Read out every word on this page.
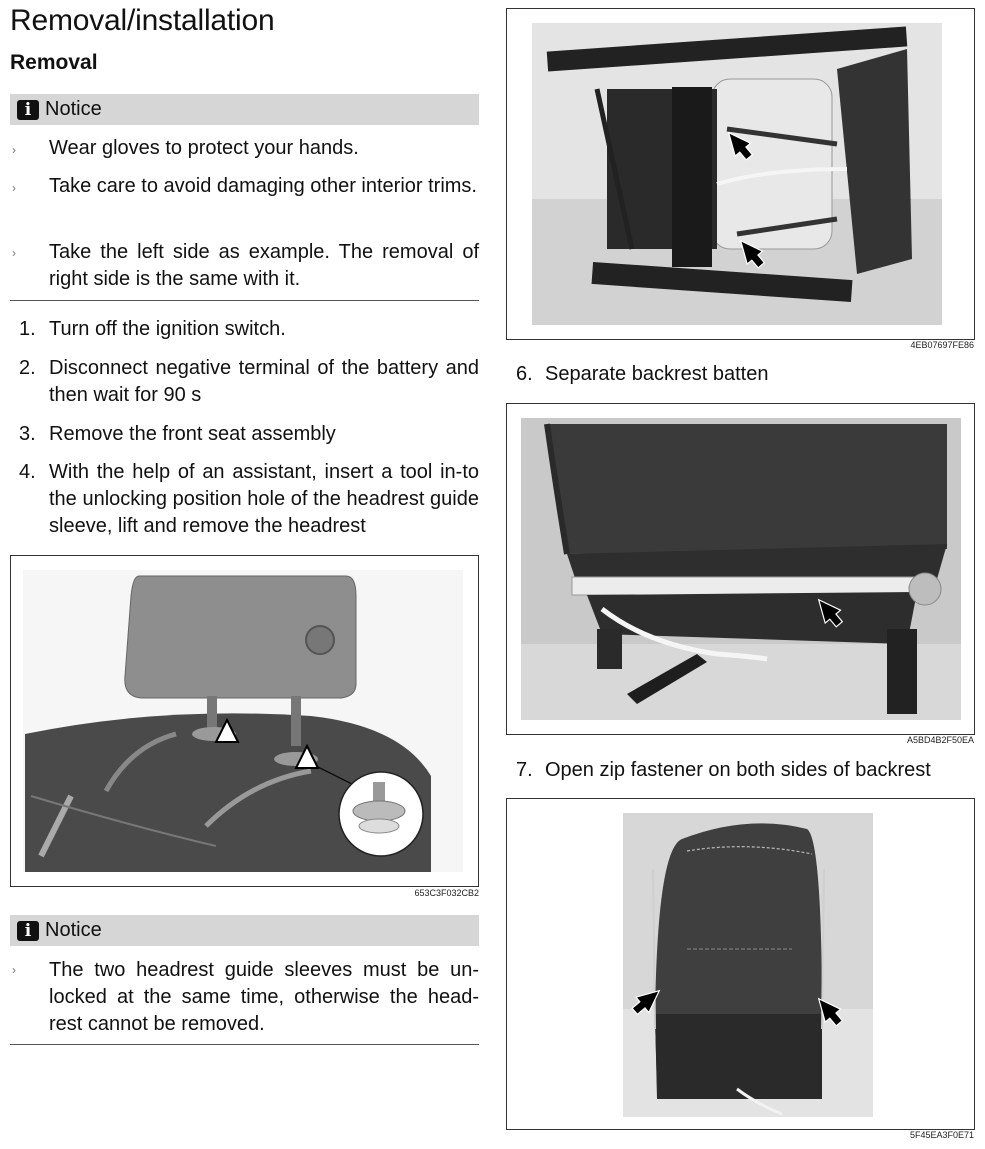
Removal/installation
Removal
i Notice
› Wear gloves to protect your hands.
› Take care to avoid damaging other interior trims.
› Take the left side as example. The removal of right side is the same with it.
1. Turn off the ignition switch.
2. Disconnect negative terminal of the battery and then wait for 90 s
3. Remove the front seat assembly
4. With the help of an assistant, insert a tool in-to the unlocking position hole of the headrest guide sleeve, lift and remove the headrest
653C3F032CB2
i Notice
› The two headrest guide sleeves must be un-locked at the same time, otherwise the head-rest cannot be removed.
4EB07697FE86
6. Separate backrest batten
A5BD4B2F50EA
7. Open zip fastener on both sides of backrest
5F45EA3F0E71
